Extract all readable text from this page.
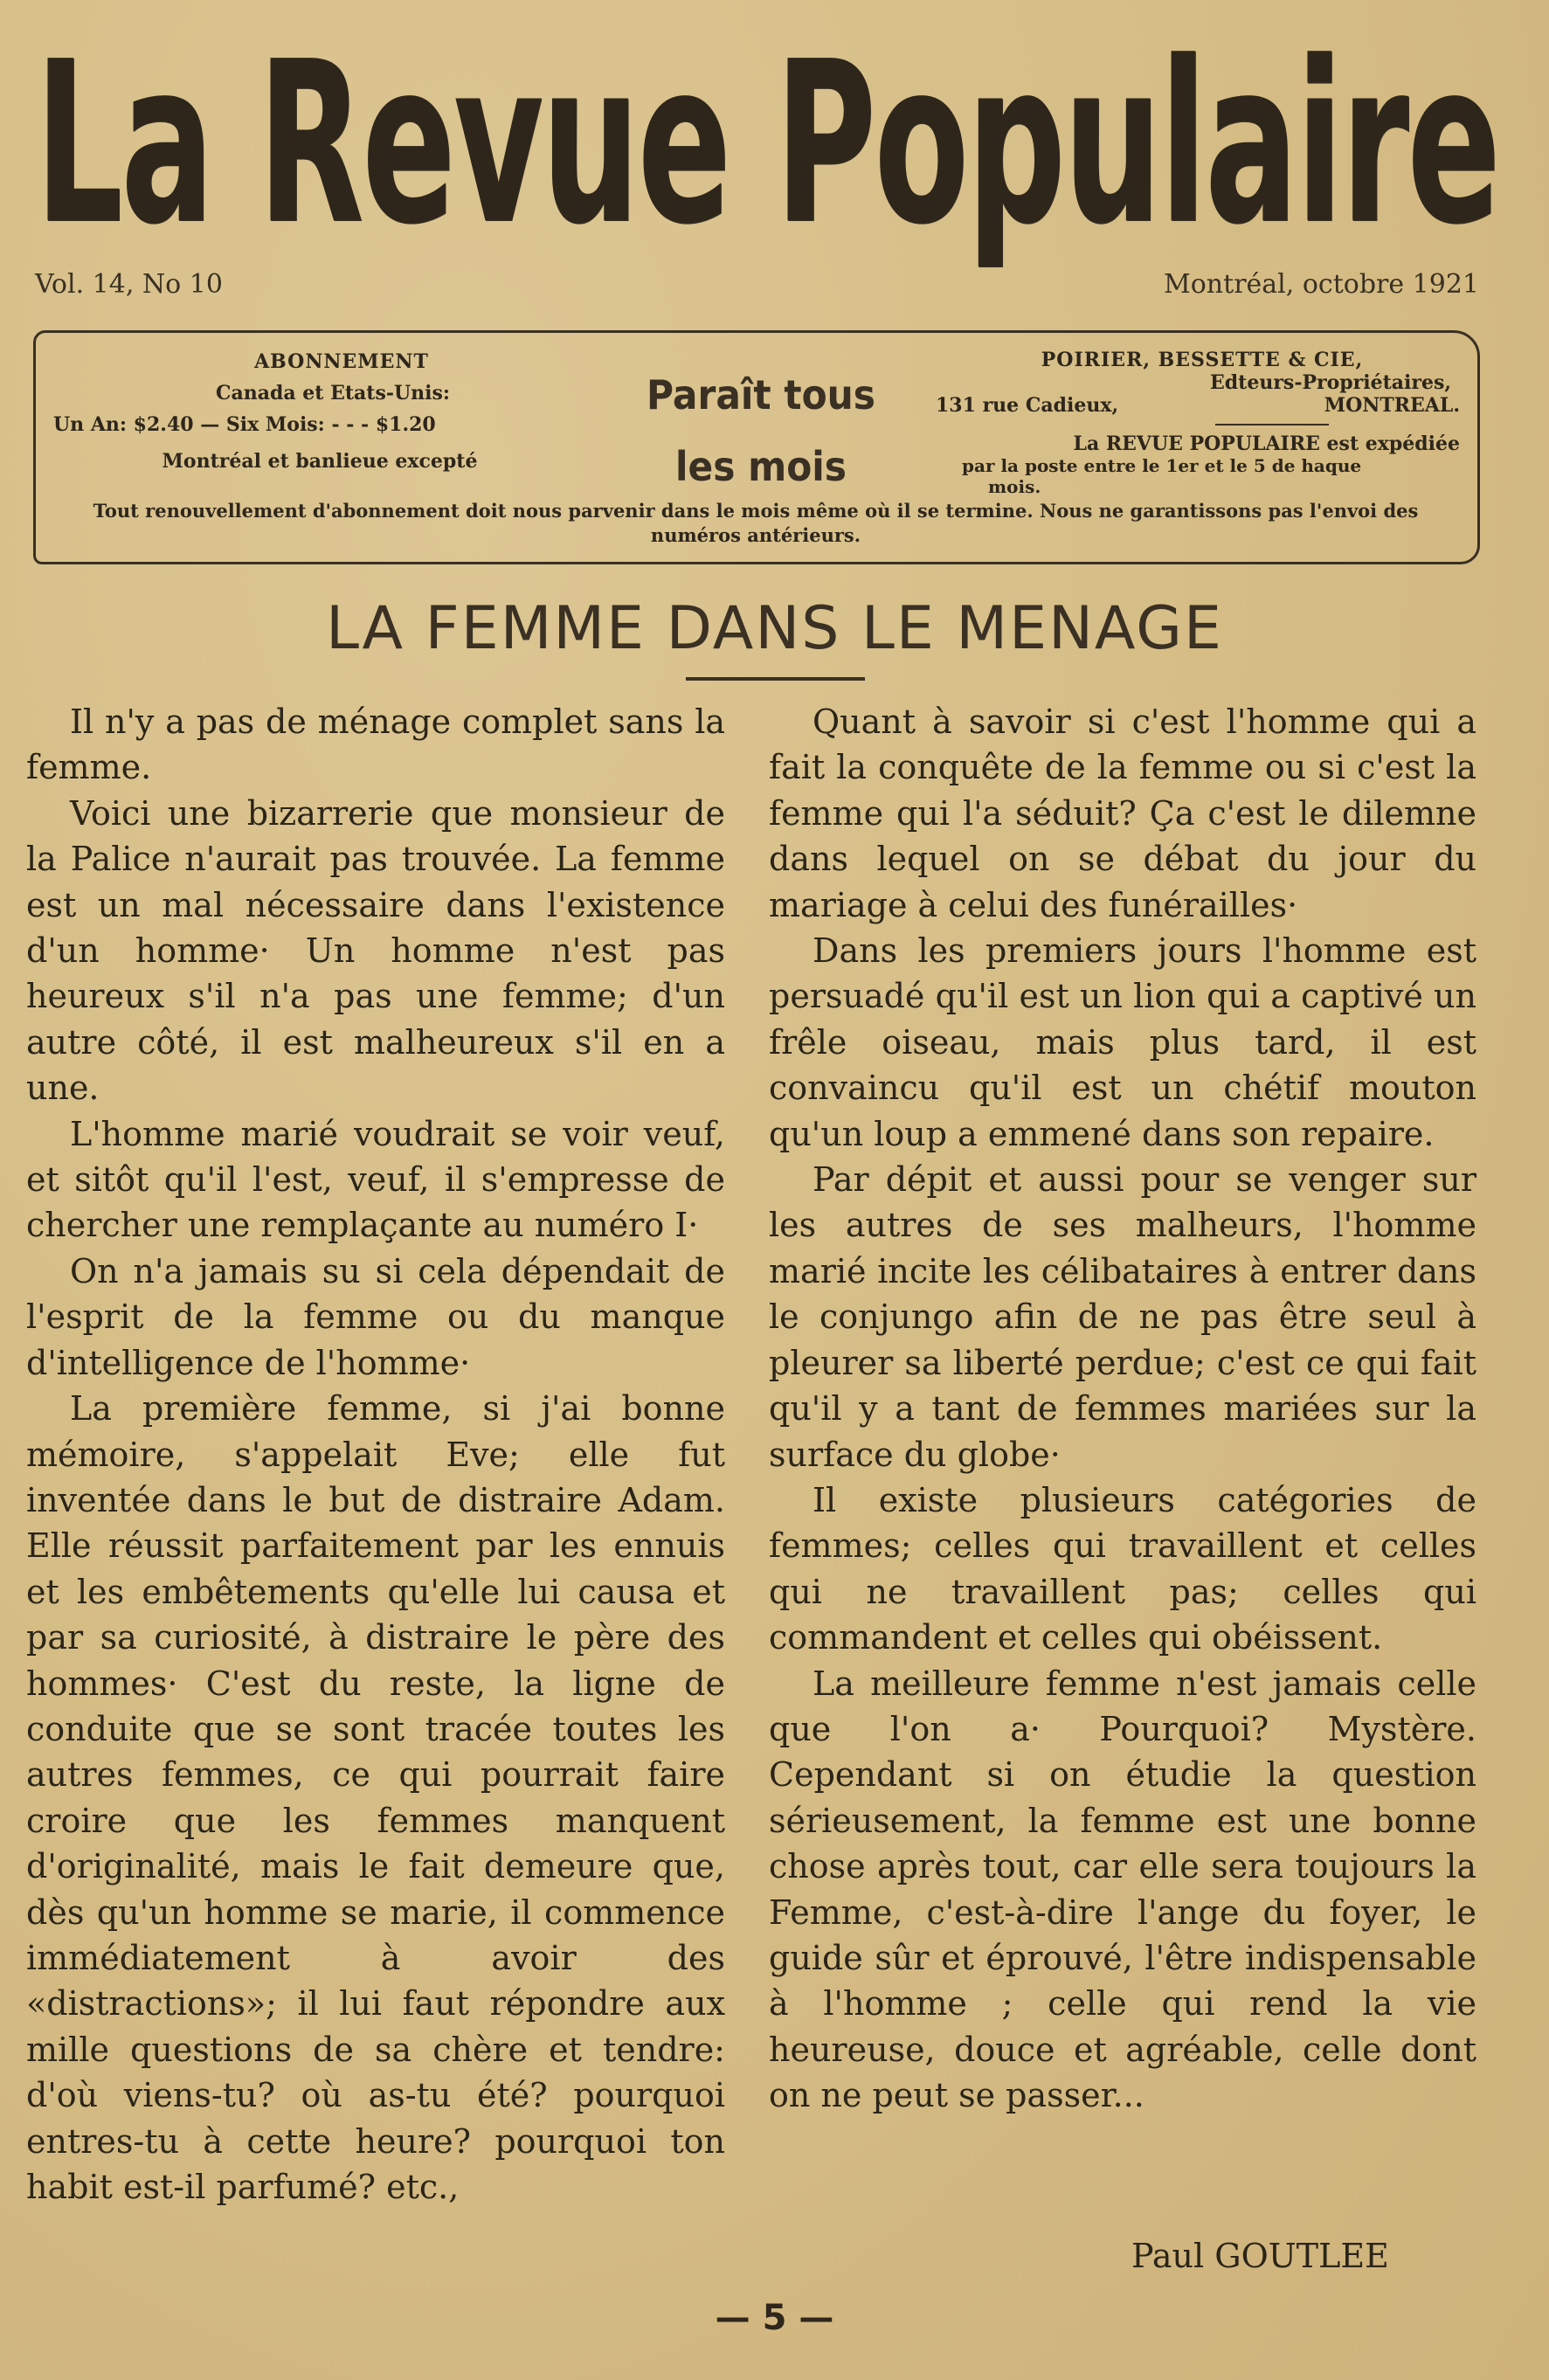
La Revue Populaire
Vol. 14, No 10	Montréal, octobre 1921
ABONNEMENT
Canada et Etats-Unis:
Un An: $2.40 — Six Mois: - - - $1.20
Montréal et banlieue excepté
Paraît tous
les mois
POIRIER, BESSETTE & CIE,
Edteurs-Propriétaires,
131 rue Cadieux,	MONTREAL.
La REVUE POPULAIRE est expédiée
par la poste entre le 1er et le 5 de haque
mois.
Tout renouvellement d'abonnement doit nous parvenir dans le mois même où il se termine. Nous ne garantissons pas l'envoi des numéros antérieurs.
LA FEMME DANS LE MENAGE

Il n'y a pas de ménage complet sans la femme.

Voici une bizarrerie que monsieur de la Palice n'aurait pas trouvée. La femme est un mal nécessaire dans l'existence d'un homme· Un homme n'est pas heureux s'il n'a pas une femme; d'un autre côté, il est malheureux s'il en a une.

L'homme marié voudrait se voir veuf, et sitôt qu'il l'est, veuf, il s'empresse de chercher une remplaçante au numéro I·

On n'a jamais su si cela dépendait de l'esprit de la femme ou du manque d'intelligence de l'homme·

La première femme, si j'ai bonne mémoire, s'appelait Eve; elle fut inventée dans le but de distraire Adam. Elle réussit parfaitement par les ennuis et les embêtements qu'elle lui causa et par sa curiosité, à distraire le père des hommes· C'est du reste, la ligne de conduite que se sont tracée toutes les autres femmes, ce qui pourrait faire croire que les femmes manquent d'originalité, mais le fait demeure que, dès qu'un homme se marie, il commence immédiatement à avoir des «distractions»; il lui faut répondre aux mille questions de sa chère et tendre: d'où viens-tu? où as-tu été? pourquoi entres-tu à cette heure? pourquoi ton habit est-il parfumé? etc.,

Quant à savoir si c'est l'homme qui a fait la conquête de la femme ou si c'est la femme qui l'a séduit? Ça c'est le dilemne dans lequel on se débat du jour du mariage à celui des funérailles·

Dans les premiers jours l'homme est persuadé qu'il est un lion qui a captivé un frêle oiseau, mais plus tard, il est convaincu qu'il est un chétif mouton qu'un loup a emmené dans son repaire.

Par dépit et aussi pour se venger sur les autres de ses malheurs, l'homme marié incite les célibataires à entrer dans le conjungo afin de ne pas être seul à pleurer sa liberté perdue; c'est ce qui fait qu'il y a tant de femmes mariées sur la surface du globe·

Il existe plusieurs catégories de femmes; celles qui travaillent et celles qui ne travaillent pas; celles qui commandent et celles qui obéissent.

La meilleure femme n'est jamais celle que l'on a· Pourquoi? Mystère. Cependant si on étudie la question sérieusement, la femme est une bonne chose après tout, car elle sera toujours la Femme, c'est-à-dire l'ange du foyer, le guide sûr et éprouvé, l'être indispensable à l'homme ; celle qui rend la vie heureuse, douce et agréable, celle dont on ne peut se passer...

Paul GOUTLEE
— 5 —
